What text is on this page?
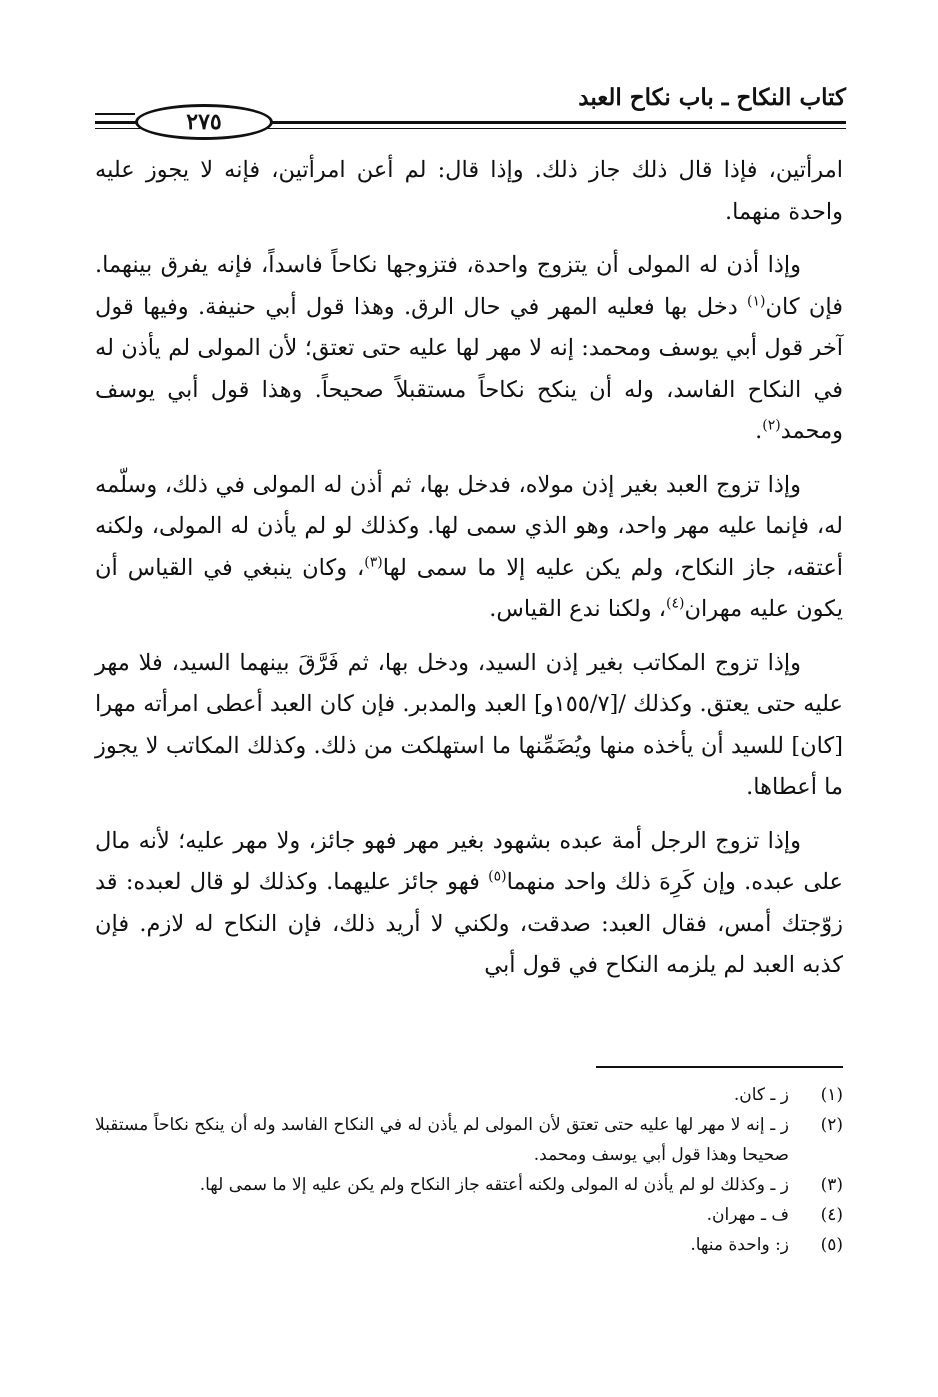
٢٧٥
كتاب النكاح ـ باب نكاح العبد

امرأتين، فإذا قال ذلك جاز ذلك. وإذا قال: لم أعن امرأتين، فإنه لا يجوز عليه واحدة منهما.

وإذا أذن له المولى أن يتزوج واحدة، فتزوجها نكاحاً فاسداً، فإنه يفرق بينهما. فإن كان$^{(١)}$ دخل بها فعليه المهر في حال الرق. وهذا قول أبي حنيفة. وفيها قول آخر قول أبي يوسف ومحمد: إنه لا مهر لها عليه حتى تعتق؛ لأن المولى لم يأذن له في النكاح الفاسد، وله أن ينكح نكاحاً مستقبلاً صحيحاً. وهذا قول أبي يوسف ومحمد$^{(٢)}$.

وإذا تزوج العبد بغير إذن مولاه، فدخل بها، ثم أذن له المولى في ذلك، وسلّمه له، فإنما عليه مهر واحد، وهو الذي سمى لها. وكذلك لو لم يأذن له المولى، ولكنه أعتقه، جاز النكاح، ولم يكن عليه إلا ما سمى لها$^{(٣)}$، وكان ينبغي في القياس أن يكون عليه مهران$^{(٤)}$، ولكنا ندع القياس.

وإذا تزوج المكاتب بغير إذن السيد، ودخل بها، ثم فَرَّقَ بينهما السيد، فلا مهر عليه حتى يعتق. وكذلك /[١٥٥/٧و] العبد والمدبر. فإن كان العبد أعطى امرأته مهرا [كان] للسيد أن يأخذه منها ويُضَمِّنها ما استهلكت من ذلك. وكذلك المكاتب لا يجوز ما أعطاها.

وإذا تزوج الرجل أمة عبده بشهود بغير مهر فهو جائز، ولا مهر عليه؛ لأنه مال على عبده. وإن كَرِهَ ذلك واحد منهما$^{(٥)}$ فهو جائز عليهما. وكذلك لو قال لعبده: قد زوّجتك أمس، فقال العبد: صدقت، ولكني لا أريد ذلك، فإن النكاح له لازم. فإن كذبه العبد لم يلزمه النكاح في قول أبي

(١)
ز ـ كان.
(٢)
ز ـ إنه لا مهر لها عليه حتى تعتق لأن المولى لم يأذن له في النكاح الفاسد وله أن ينكح نكاحاً مستقبلا صحيحا وهذا قول أبي يوسف ومحمد.
(٣)
ز ـ وكذلك لو لم يأذن له المولى ولكنه أعتقه جاز النكاح ولم يكن عليه إلا ما سمى لها.
(٤)
ف ـ مهران.
(٥)
ز: واحدة منها.
